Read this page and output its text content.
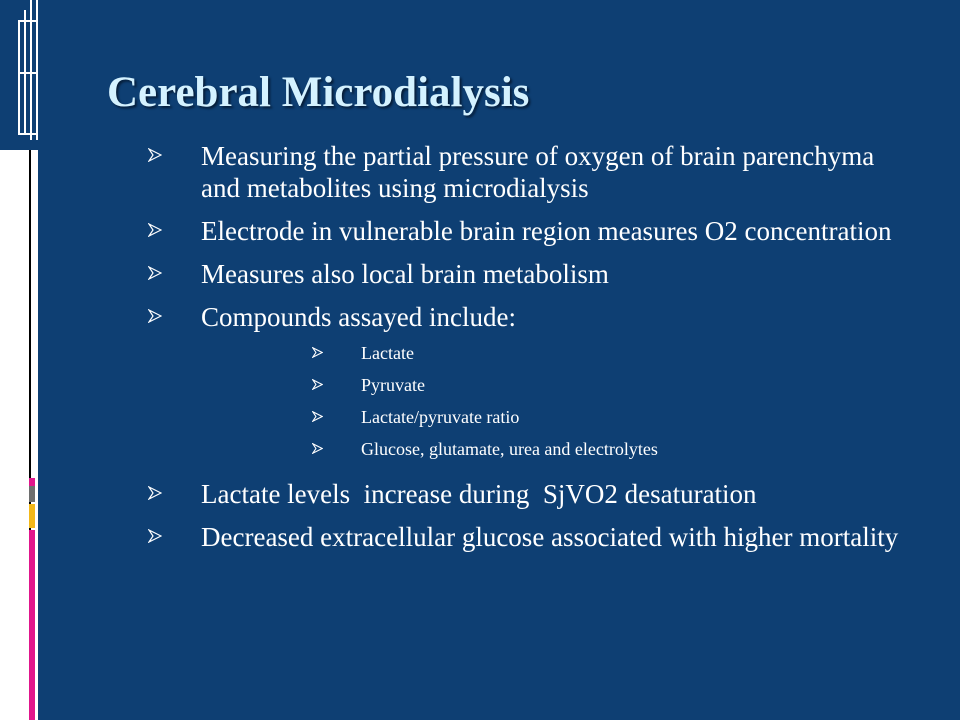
Cerebral Microdialysis
Measuring the partial pressure of oxygen of brain parenchyma and metabolites using microdialysis
Electrode in vulnerable brain region measures O2 concentration
Measures also local brain metabolism
Compounds assayed include:
Lactate
Pyruvate
Lactate/pyruvate ratio
Glucose, glutamate, urea and electrolytes
Lactate levels  increase during  SjVO2 desaturation
Decreased extracellular glucose associated with higher mortality
